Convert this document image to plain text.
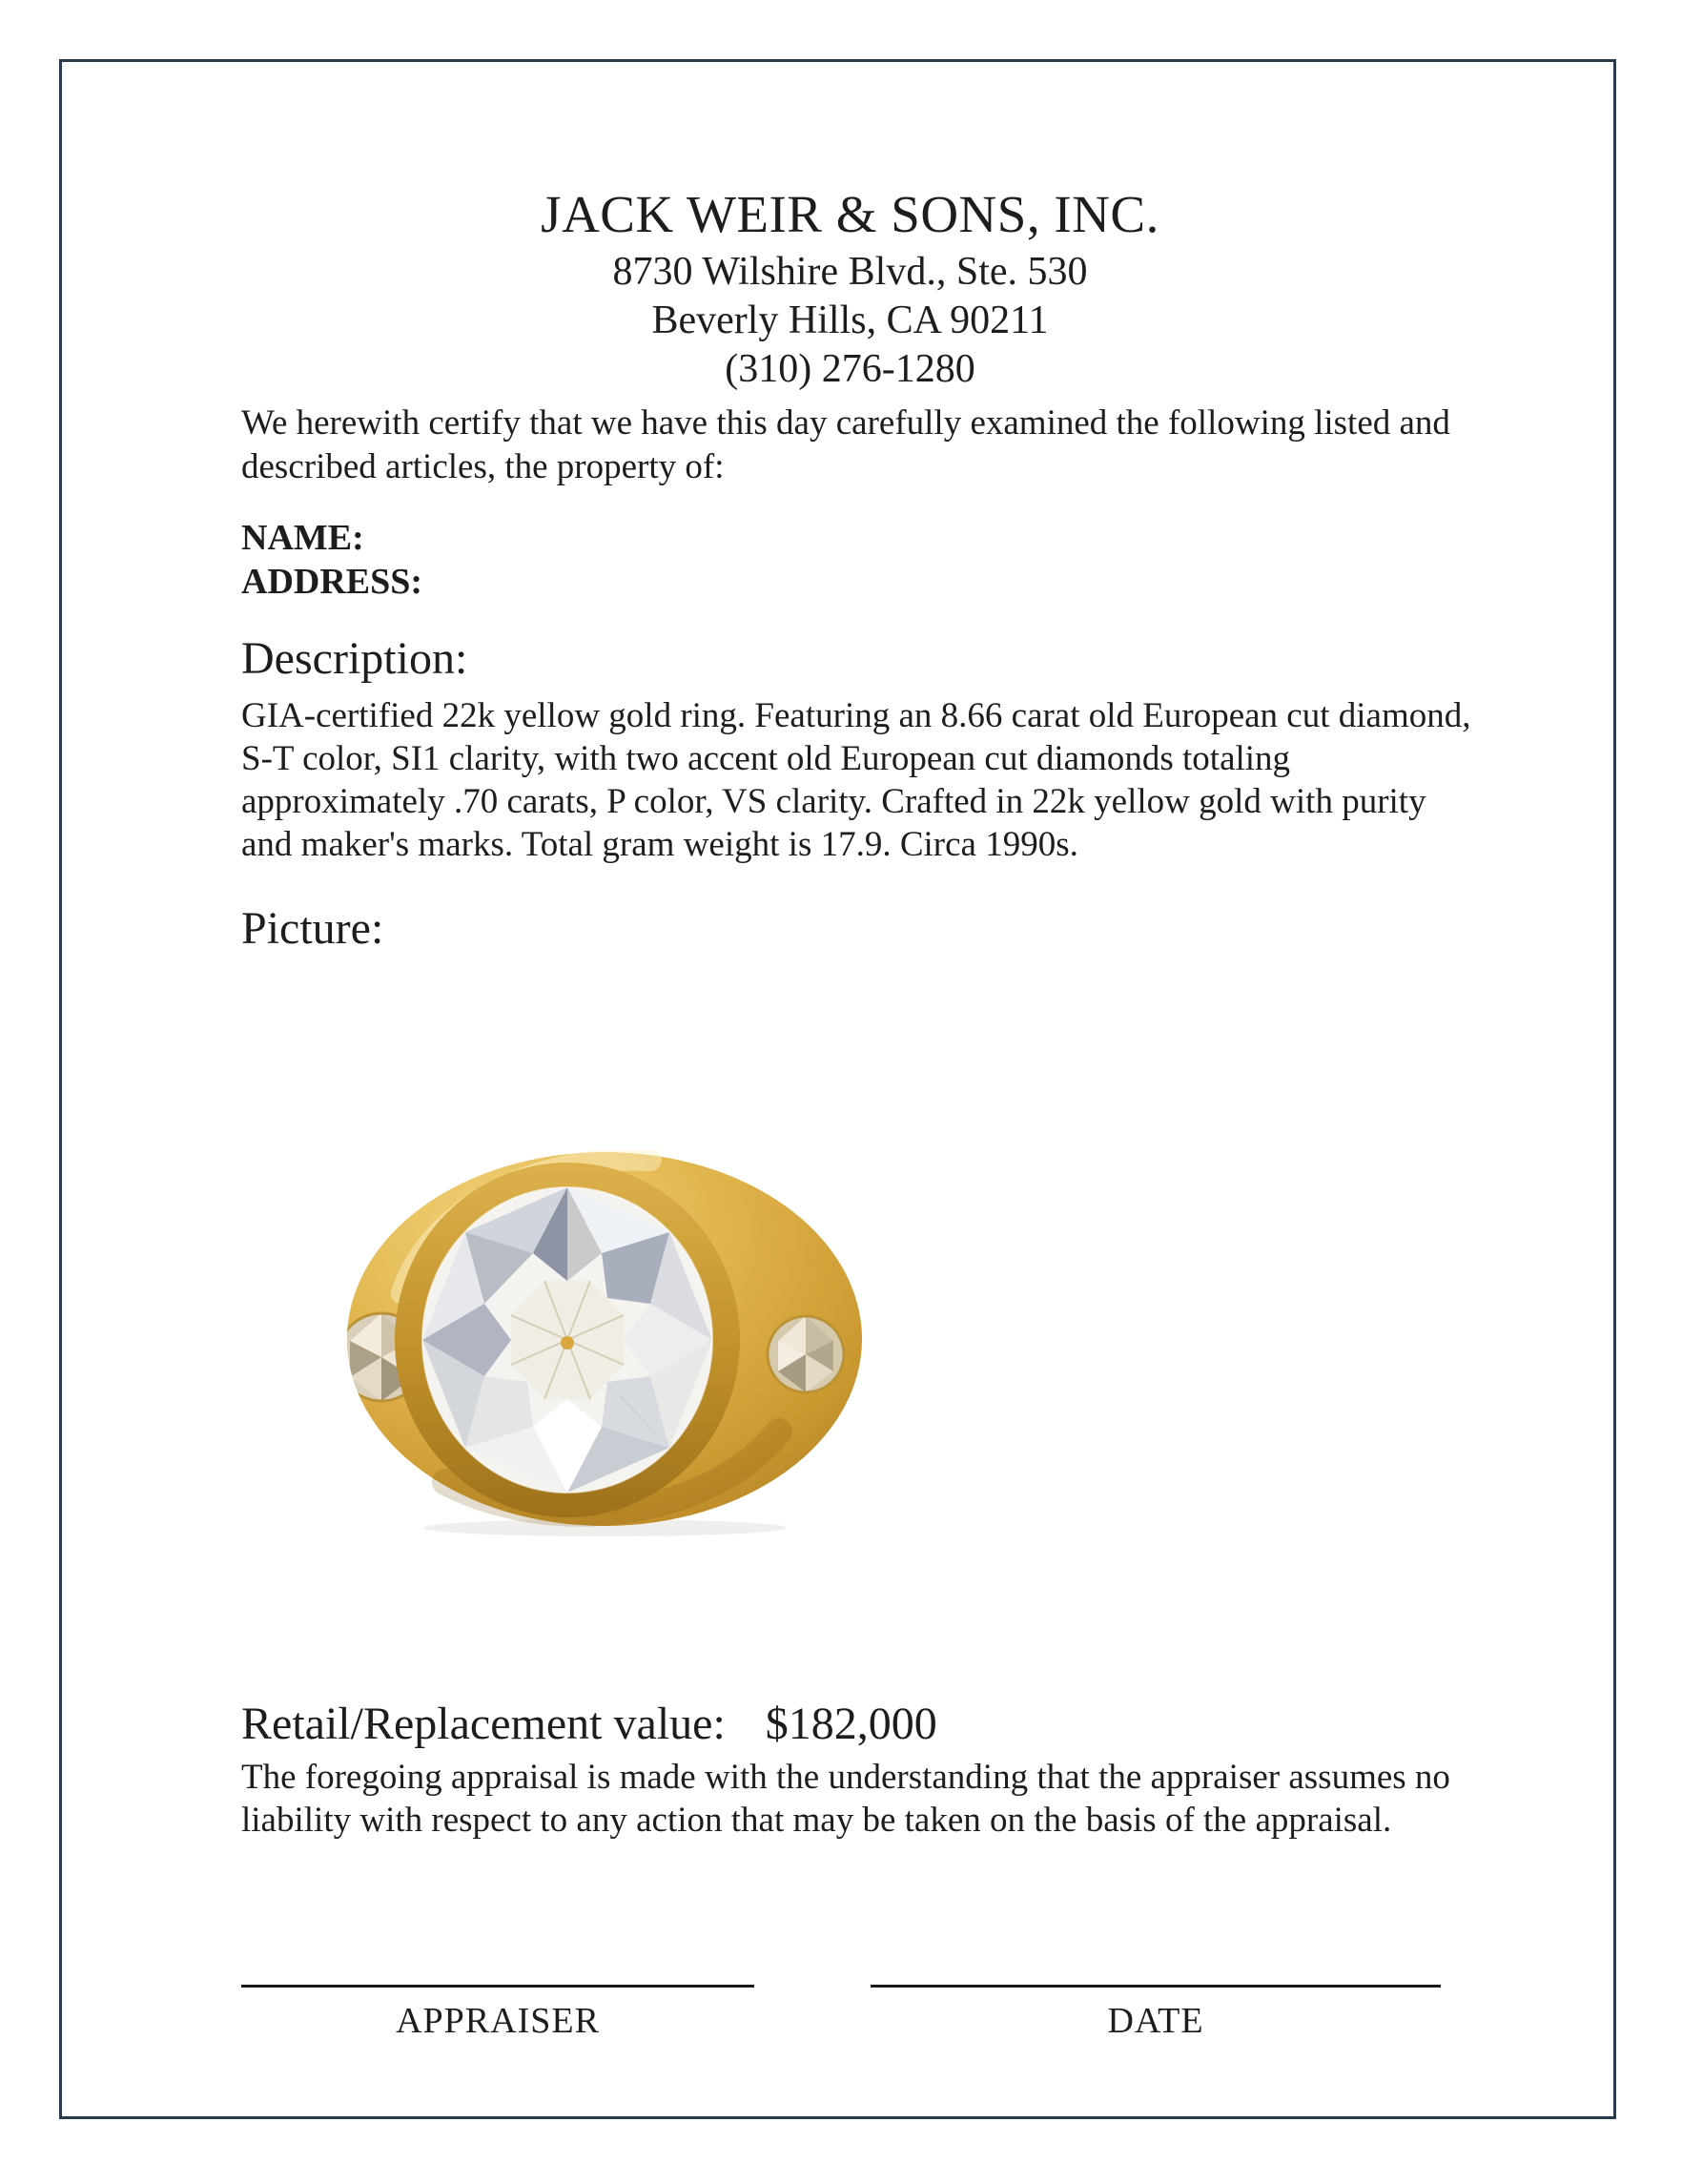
JACK WEIR & SONS, INC.
8730 Wilshire Blvd., Ste. 530
Beverly Hills, CA 90211
(310) 276-1280
We herewith certify that we have this day carefully examined the following listed and described articles, the property of:
NAME:
ADDRESS:
Description:
GIA-certified 22k yellow gold ring. Featuring an 8.66 carat old European cut diamond, S-T color, SI1 clarity, with two accent old European cut diamonds totaling approximately .70 carats, P color, VS clarity. Crafted in 22k yellow gold with purity and maker's marks. Total gram weight is 17.9. Circa 1990s.
Picture:
Retail/Replacement value: $182,000
The foregoing appraisal is made with the understanding that the appraiser assumes no liability with respect to any action that may be taken on the basis of the appraisal.
APPRAISER	DATE
